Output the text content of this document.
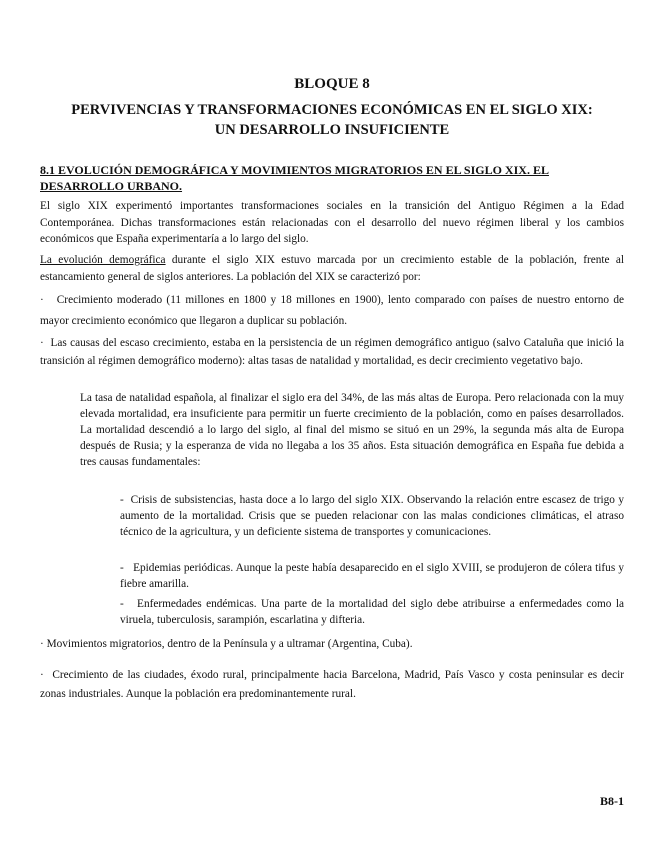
BLOQUE 8
PERVIVENCIAS Y TRANSFORMACIONES ECONÓMICAS EN EL SIGLO XIX:
UN DESARROLLO INSUFICIENTE

8.1 EVOLUCIÓN DEMOGRÁFICA Y MOVIMIENTOS MIGRATORIOS EN EL SIGLO XIX. EL DESARROLLO URBANO.

El siglo XIX experimentó importantes transformaciones sociales en la transición del Antiguo Régimen a la Edad Contemporánea. Dichas transformaciones están relacionadas con el desarrollo del nuevo régimen liberal y los cambios económicos que España experimentaría a lo largo del siglo.

La evolución demográfica durante el siglo XIX estuvo marcada por un crecimiento estable de la población, frente al estancamiento general de siglos anteriores. La población del XIX se caracterizó por:

· Crecimiento moderado (11 millones en 1800 y 18 millones en 1900), lento comparado con países de nuestro entorno de mayor crecimiento económico que llegaron a duplicar su población.

· Las causas del escaso crecimiento, estaba en la persistencia de un régimen demográfico antiguo (salvo Cataluña que inició la transición al régimen demográfico moderno): altas tasas de natalidad y mortalidad, es decir crecimiento vegetativo bajo.

La tasa de natalidad española, al finalizar el siglo era del 34%, de las más altas de Europa. Pero relacionada con la muy elevada mortalidad, era insuficiente para permitir un fuerte crecimiento de la población, como en países desarrollados. La mortalidad descendió a lo largo del siglo, al final del mismo se situó en un 29%, la segunda más alta de Europa después de Rusia; y la esperanza de vida no llegaba a los 35 años. Esta situación demográfica en España fue debida a tres causas fundamentales:

- Crisis de subsistencias, hasta doce a lo largo del siglo XIX. Observando la relación entre escasez de trigo y aumento de la mortalidad. Crisis que se pueden relacionar con las malas condiciones climáticas, el atraso técnico de la agricultura, y un deficiente sistema de transportes y comunicaciones.

- Epidemias periódicas. Aunque la peste había desaparecido en el siglo XVIII, se produjeron de cólera tifus y fiebre amarilla.

- Enfermedades endémicas. Una parte de la mortalidad del siglo debe atribuirse a enfermedades como la viruela, tuberculosis, sarampión, escarlatina y difteria.

· Movimientos migratorios, dentro de la Península y a ultramar (Argentina, Cuba).

· Crecimiento de las ciudades, éxodo rural, principalmente hacia Barcelona, Madrid, País Vasco y costa peninsular es decir zonas industriales. Aunque la población era predominantemente rural.

B8-1
